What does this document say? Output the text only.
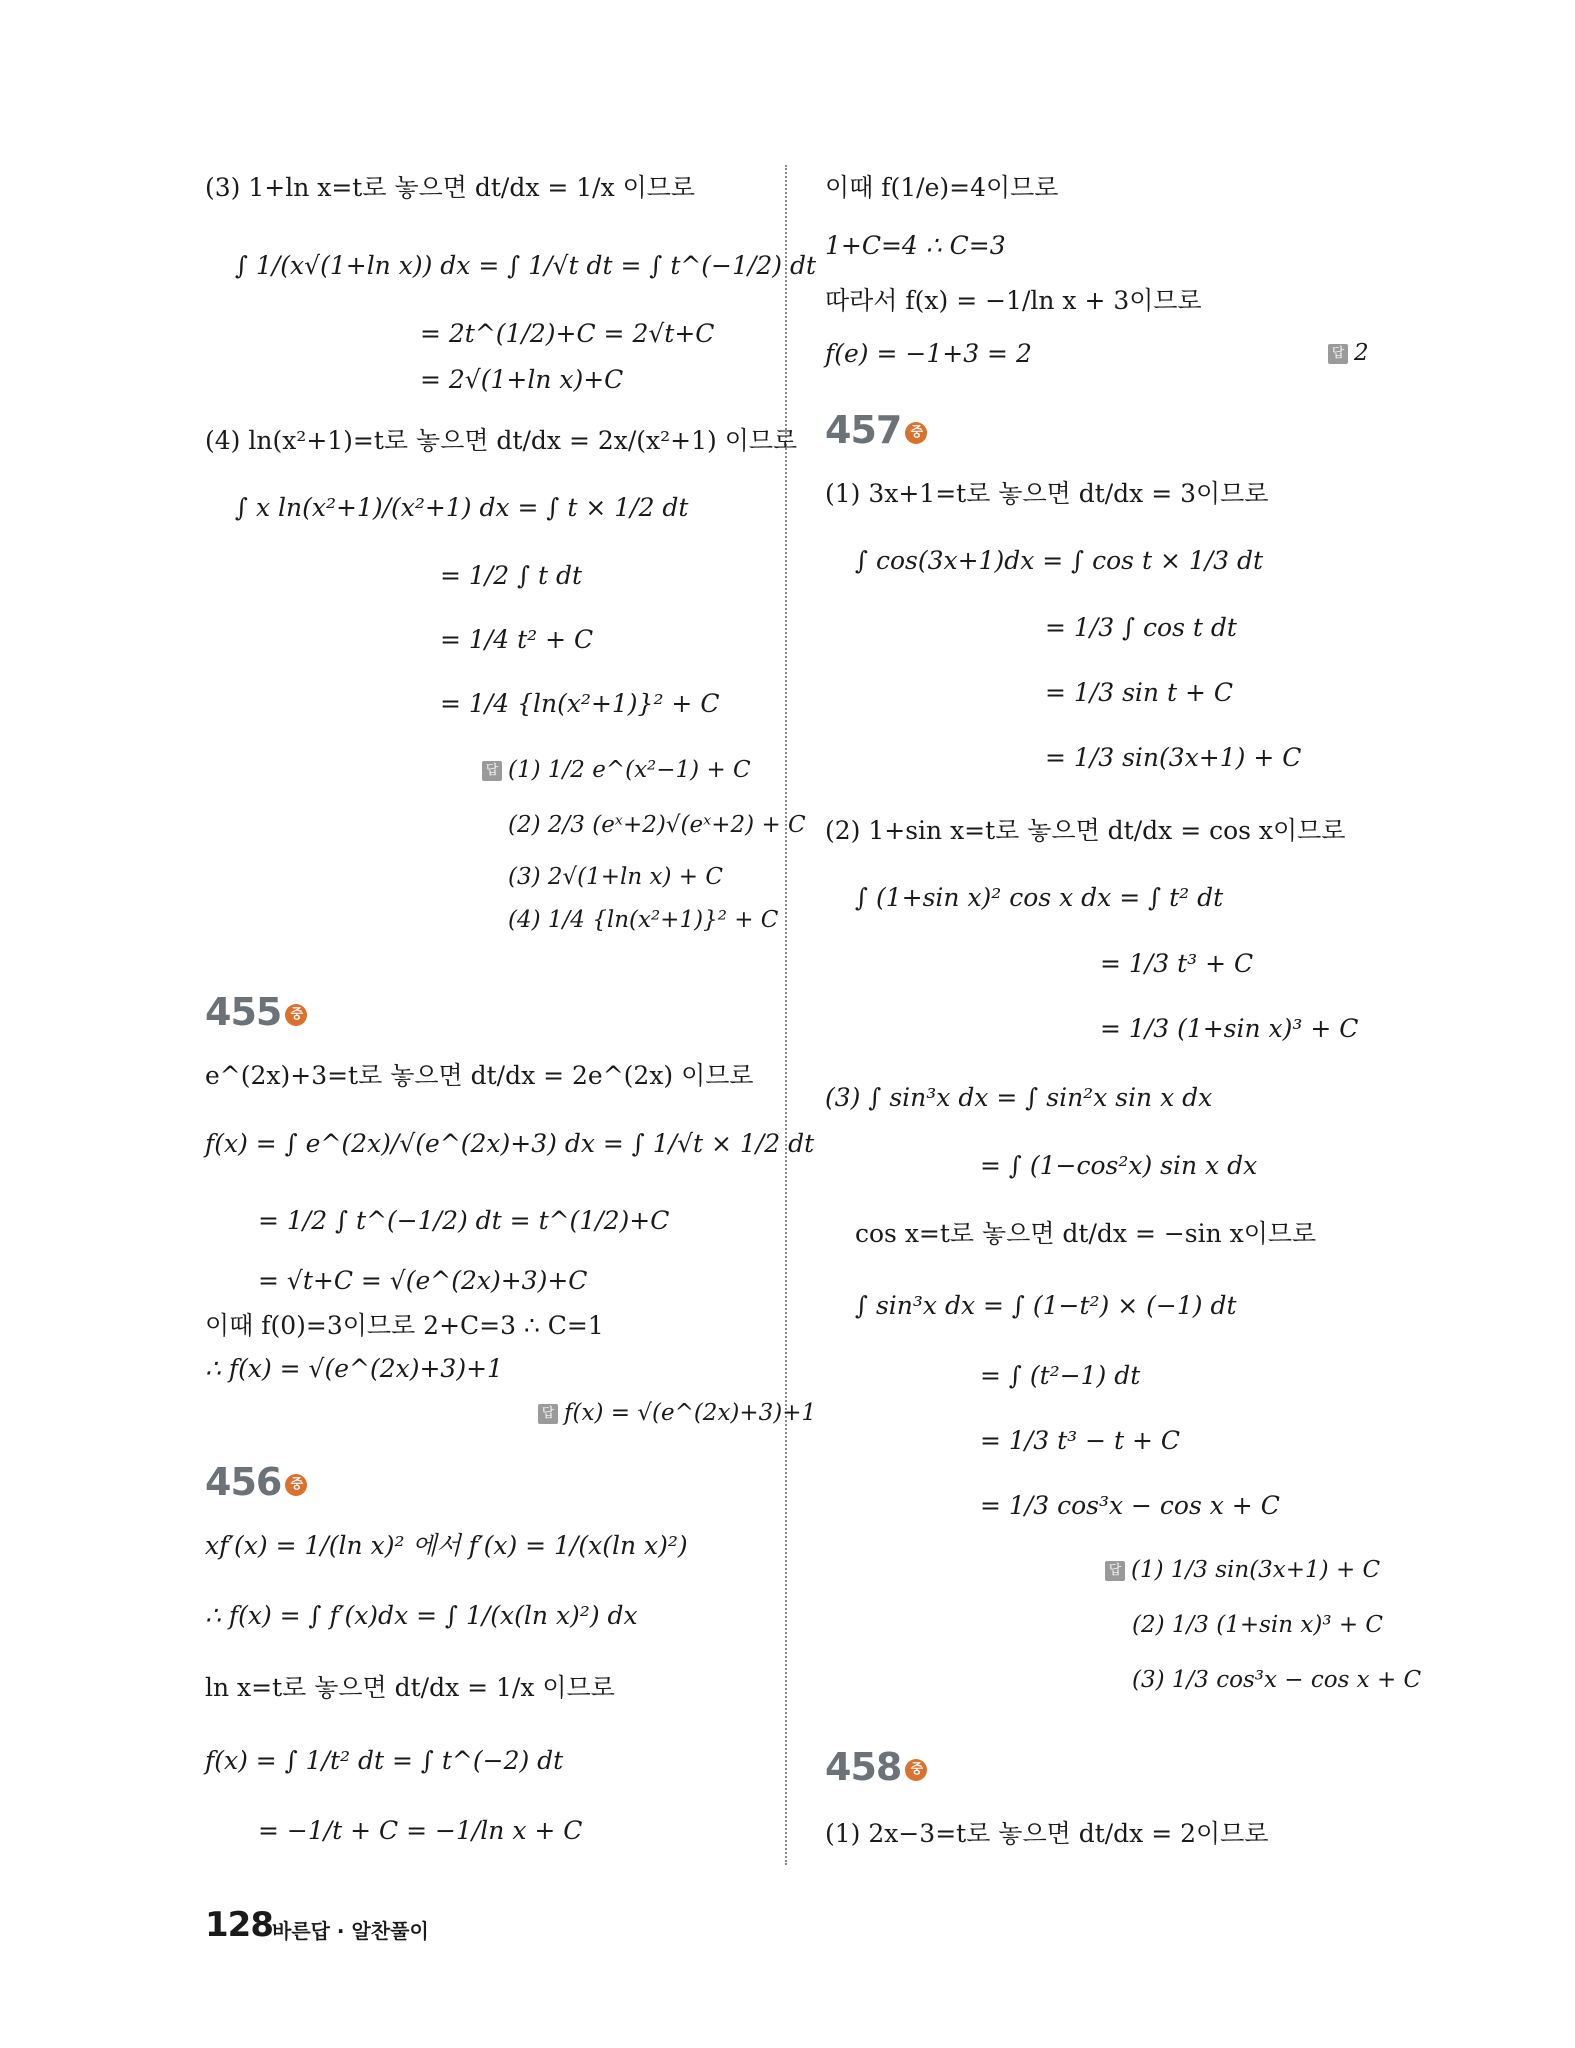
(3) 1+ln x=t로 놓으면 dt/dx = 1/x 이므로
∫ 1/(x√(1+ln x)) dx = ∫ 1/√t dt = ∫ t^(−1/2) dt
= 2t^(1/2)+C = 2√t+C
= 2√(1+ln x)+C
(4) ln(x²+1)=t로 놓으면 dt/dx = 2x/(x²+1) 이므로
∫ x ln(x²+1)/(x²+1) dx = ∫ t × 1/2 dt
= 1/2 ∫ t dt
= 1/4 t² + C
= 1/4 {ln(x²+1)}² + C
답 (1) 1/2 e^(x²−1) + C
(2) 2/3 (eˣ+2)√(eˣ+2) + C
(3) 2√(1+ln x) + C
(4) 1/4 {ln(x²+1)}² + C
455 중
e^(2x)+3=t로 놓으면 dt/dx = 2e^(2x) 이므로
f(x) = ∫ e^(2x)/√(e^(2x)+3) dx = ∫ 1/√t × 1/2 dt
= 1/2 ∫ t^(−1/2) dt = t^(1/2)+C
= √t+C = √(e^(2x)+3)+C
이때 f(0)=3이므로 2+C=3 ∴ C=1
∴ f(x) = √(e^(2x)+3)+1
답 f(x) = √(e^(2x)+3)+1
456 중
xf′(x) = 1/(ln x)² 에서 f′(x) = 1/(x(ln x)²)
∴ f(x) = ∫ f′(x)dx = ∫ 1/(x(ln x)²) dx
ln x=t로 놓으면 dt/dx = 1/x 이므로
f(x) = ∫ 1/t² dt = ∫ t^(−2) dt
= −1/t + C = −1/ln x + C
이때 f(1/e)=4이므로
1+C=4 ∴ C=3
따라서 f(x) = −1/ln x + 3이므로
f(e) = −1+3 = 2	답 2
457 중
(1) 3x+1=t로 놓으면 dt/dx = 3이므로
∫ cos(3x+1)dx = ∫ cos t × 1/3 dt
= 1/3 ∫ cos t dt
= 1/3 sin t + C
= 1/3 sin(3x+1) + C
(2) 1+sin x=t로 놓으면 dt/dx = cos x이므로
∫ (1+sin x)² cos x dx = ∫ t² dt
= 1/3 t³ + C
= 1/3 (1+sin x)³ + C
(3) ∫ sin³x dx = ∫ sin²x sin x dx
= ∫ (1−cos²x) sin x dx
cos x=t로 놓으면 dt/dx = −sin x이므로
∫ sin³x dx = ∫ (1−t²) × (−1) dt
= ∫ (t²−1) dt
= 1/3 t³ − t + C
= 1/3 cos³x − cos x + C
답 (1) 1/3 sin(3x+1) + C
(2) 1/3 (1+sin x)³ + C
(3) 1/3 cos³x − cos x + C
458 중
(1) 2x−3=t로 놓으면 dt/dx = 2이므로
128 바른답 · 알찬풀이
